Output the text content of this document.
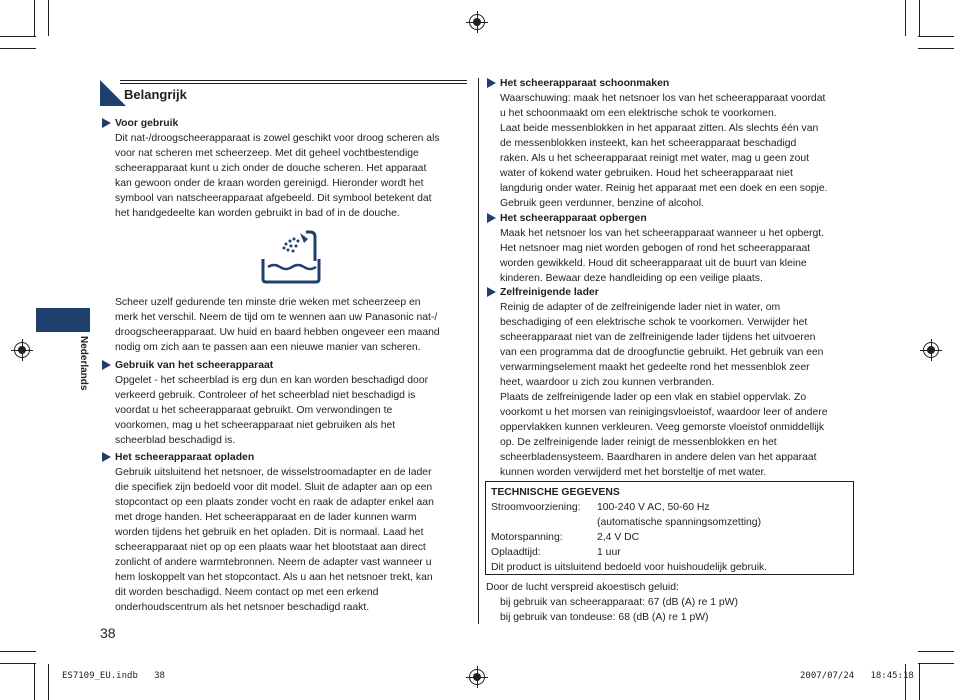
Nederlands
Belangrijk
Voor gebruik
Dit nat-/droogscheerapparaat is zowel geschikt voor droog scheren als
voor nat scheren met scheerzeep. Met dit geheel vochtbestendige
scheerapparaat kunt u zich onder de douche scheren. Het apparaat
kan gewoon onder de kraan worden gereinigd. Hieronder wordt het
symbool van natscheerapparaat afgebeeld. Dit symbool betekent dat
het handgedeelte kan worden gebruikt in bad of in de douche.
Scheer uzelf gedurende ten minste drie weken met scheerzeep en
merk het verschil. Neem de tijd om te wennen aan uw Panasonic nat-/
droogscheerapparaat. Uw huid en baard hebben ongeveer een maand
nodig om zich aan te passen aan een nieuwe manier van scheren.
Gebruik van het scheerapparaat
Opgelet - het scheerblad is erg dun en kan worden beschadigd door
verkeerd gebruik. Controleer of het scheerblad niet beschadigd is
voordat u het scheerapparaat gebruikt. Om verwondingen te
voorkomen, mag u het scheerapparaat niet gebruiken als het
scheerblad beschadigd is.
Het scheerapparaat opladen
Gebruik uitsluitend het netsnoer, de wisselstroomadapter en de lader
die specifiek zijn bedoeld voor dit model. Sluit de adapter aan op een
stopcontact op een plaats zonder vocht en raak de adapter enkel aan
met droge handen. Het scheerapparaat en de lader kunnen warm
worden tijdens het gebruik en het opladen. Dit is normaal. Laad het
scheerapparaat niet op op een plaats waar het blootstaat aan direct
zonlicht of andere warmtebronnen. Neem de adapter vast wanneer u
hem loskoppelt van het stopcontact. Als u aan het netsnoer trekt, kan
dit worden beschadigd. Neem contact op met een erkend
onderhoudscentrum als het netsnoer beschadigd raakt.
38
Het scheerapparaat schoonmaken
Waarschuwing: maak het netsnoer los van het scheerapparaat voordat
u het schoonmaakt om een elektrische schok te voorkomen.
Laat beide messenblokken in het apparaat zitten. Als slechts één van
de messenblokken insteekt, kan het scheerapparaat beschadigd
raken. Als u het scheerapparaat reinigt met water, mag u geen zout
water of kokend water gebruiken. Houd het scheerapparaat niet
langdurig onder water. Reinig het apparaat met een doek en een sopje.
Gebruik geen verdunner, benzine of alcohol.
Het scheerapparaat opbergen
Maak het netsnoer los van het scheerapparaat wanneer u het opbergt.
Het netsnoer mag niet worden gebogen of rond het scheerapparaat
worden gewikkeld. Houd dit scheerapparaat uit de buurt van kleine
kinderen. Bewaar deze handleiding op een veilige plaats.
Zelfreinigende lader
Reinig de adapter of de zelfreinigende lader niet in water, om
beschadiging of een elektrische schok te voorkomen. Verwijder het
scheerapparaat niet van de zelfreinigende lader tijdens het uitvoeren
van een programma dat de droogfunctie gebruikt. Het gebruik van een
verwarmingselement maakt het gedeelte rond het messenblok zeer
heet, waardoor u zich zou kunnen verbranden.
Plaats de zelfreinigende lader op een vlak en stabiel oppervlak. Zo
voorkomt u het morsen van reinigingsvloeistof, waardoor leer of andere
oppervlakken kunnen verkleuren. Veeg gemorste vloeistof onmiddellijk
op. De zelfreinigende lader reinigt de messenblokken en het
scheerbladensysteem. Baardharen in andere delen van het apparaat
kunnen worden verwijderd met het borsteltje of met water.
TECHNISCHE GEGEVENS
Stroomvoorziening: 100-240 V AC, 50-60 Hz
(automatische spanningsomzetting)
Motorspanning:	2,4 V DC
Oplaadtijd:	1 uur
Dit product is uitsluitend bedoeld voor huishoudelijk gebruik.
Door de lucht verspreid akoestisch geluid:
bij gebruik van scheerapparaat: 67 (dB (A) re 1 pW)
bij gebruik van tondeuse: 68 (dB (A) re 1 pW)
ES7109_EU.indb 38	2007/07/24 18:45:18
